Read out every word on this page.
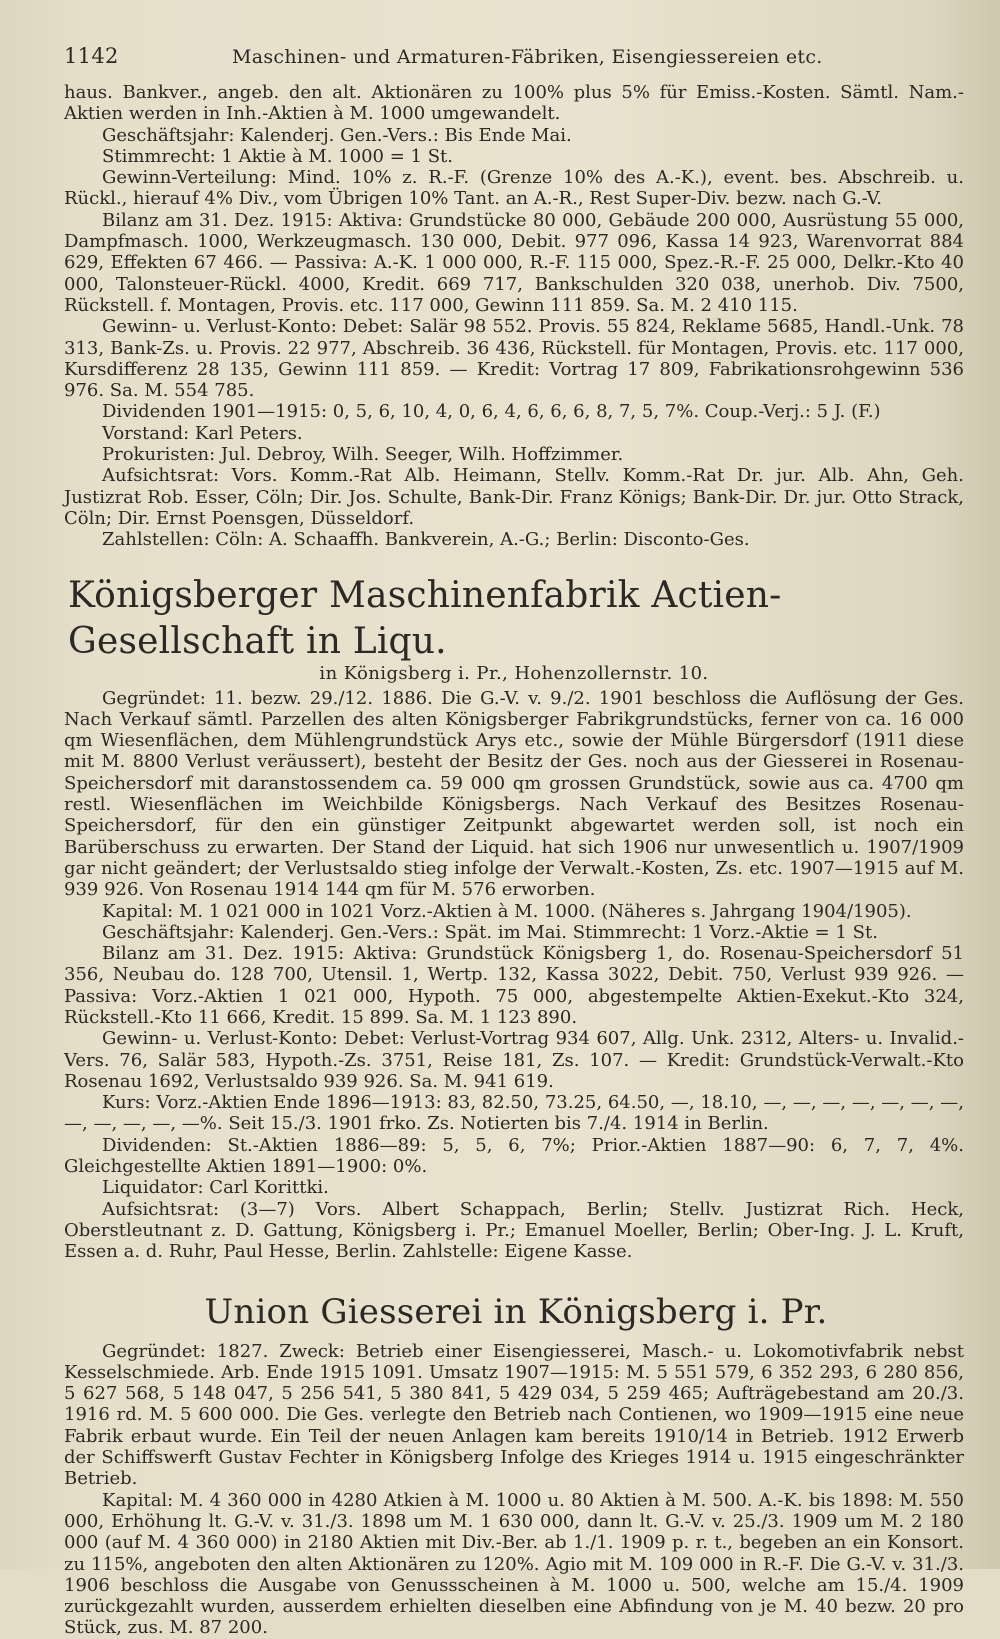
1142	Maschinen- und Armaturen-Fäbriken, Eisengiessereien etc.

haus. Bankver., angeb. den alt. Aktionären zu 100% plus 5% für Emiss.-Kosten. Sämtl. Nam.-Aktien werden in Inh.-Aktien à M. 1000 umgewandelt.

Geschäftsjahr: Kalenderj. Gen.-Vers.: Bis Ende Mai.

Stimmrecht: 1 Aktie à M. 1000 = 1 St.

Gewinn-Verteilung: Mind. 10% z. R.-F. (Grenze 10% des A.-K.), event. bes. Abschreib. u. Rückl., hierauf 4% Div., vom Übrigen 10% Tant. an A.-R., Rest Super-Div. bezw. nach G.-V.

Bilanz am 31. Dez. 1915: Aktiva: Grundstücke 80 000, Gebäude 200 000, Ausrüstung 55 000, Dampfmasch. 1000, Werkzeugmasch. 130 000, Debit. 977 096, Kassa 14 923, Warenvorrat 884 629, Effekten 67 466. — Passiva: A.-K. 1 000 000, R.-F. 115 000, Spez.-R.-F. 25 000, Delkr.-Kto 40 000, Talonsteuer-Rückl. 4000, Kredit. 669 717, Bankschulden 320 038, unerhob. Div. 7500, Rückstell. f. Montagen, Provis. etc. 117 000, Gewinn 111 859. Sa. M. 2 410 115.

Gewinn- u. Verlust-Konto: Debet: Salär 98 552. Provis. 55 824, Reklame 5685, Handl.-Unk. 78 313, Bank-Zs. u. Provis. 22 977, Abschreib. 36 436, Rückstell. für Montagen, Provis. etc. 117 000, Kursdifferenz 28 135, Gewinn 111 859. — Kredit: Vortrag 17 809, Fabrikationsrohgewinn 536 976. Sa. M. 554 785.

Dividenden 1901—1915: 0, 5, 6, 10, 4, 0, 6, 4, 6, 6, 6, 8, 7, 5, 7%. Coup.-Verj.: 5 J. (F.)

Vorstand: Karl Peters.

Prokuristen: Jul. Debroy, Wilh. Seeger, Wilh. Hoffzimmer.

Aufsichtsrat: Vors. Komm.-Rat Alb. Heimann, Stellv. Komm.-Rat Dr. jur. Alb. Ahn, Geh. Justizrat Rob. Esser, Cöln; Dir. Jos. Schulte, Bank-Dir. Franz Königs; Bank-Dir. Dr. jur. Otto Strack, Cöln; Dir. Ernst Poensgen, Düsseldorf.

Zahlstellen: Cöln: A. Schaaffh. Bankverein, A.-G.; Berlin: Disconto-Ges.

Königsberger Maschinenfabrik Actien-Gesellschaft in Liqu.
in Königsberg i. Pr., Hohenzollernstr. 10.

Gegründet: 11. bezw. 29./12. 1886. Die G.-V. v. 9./2. 1901 beschloss die Auflösung der Ges. Nach Verkauf sämtl. Parzellen des alten Königsberger Fabrikgrundstücks, ferner von ca. 16 000 qm Wiesenflächen, dem Mühlengrundstück Arys etc., sowie der Mühle Bürgersdorf (1911 diese mit M. 8800 Verlust veräussert), besteht der Besitz der Ges. noch aus der Giesserei in Rosenau-Speichersdorf mit daranstossendem ca. 59 000 qm grossen Grundstück, sowie aus ca. 4700 qm restl. Wiesenflächen im Weichbilde Königsbergs. Nach Verkauf des Besitzes Rosenau-Speichersdorf, für den ein günstiger Zeitpunkt abgewartet werden soll, ist noch ein Barüberschuss zu erwarten. Der Stand der Liquid. hat sich 1906 nur unwesentlich u. 1907/1909 gar nicht geändert; der Verlustsaldo stieg infolge der Verwalt.-Kosten, Zs. etc. 1907—1915 auf M. 939 926. Von Rosenau 1914 144 qm für M. 576 erworben.

Kapital: M. 1 021 000 in 1021 Vorz.-Aktien à M. 1000. (Näheres s. Jahrgang 1904/1905).

Geschäftsjahr: Kalenderj. Gen.-Vers.: Spät. im Mai. Stimmrecht: 1 Vorz.-Aktie = 1 St.

Bilanz am 31. Dez. 1915: Aktiva: Grundstück Königsberg 1, do. Rosenau-Speichersdorf 51 356, Neubau do. 128 700, Utensil. 1, Wertp. 132, Kassa 3022, Debit. 750, Verlust 939 926. — Passiva: Vorz.-Aktien 1 021 000, Hypoth. 75 000, abgestempelte Aktien-Exekut.-Kto 324, Rückstell.-Kto 11 666, Kredit. 15 899. Sa. M. 1 123 890.

Gewinn- u. Verlust-Konto: Debet: Verlust-Vortrag 934 607, Allg. Unk. 2312, Alters- u. Invalid.-Vers. 76, Salär 583, Hypoth.-Zs. 3751, Reise 181, Zs. 107. — Kredit: Grundstück-Verwalt.-Kto Rosenau 1692, Verlustsaldo 939 926. Sa. M. 941 619.

Kurs: Vorz.-Aktien Ende 1896—1913: 83, 82.50, 73.25, 64.50, —, 18.10, —, —, —, —, —, —, —, —, —, —, —, —%. Seit 15./3. 1901 frko. Zs. Notierten bis 7./4. 1914 in Berlin.

Dividenden: St.-Aktien 1886—89: 5, 5, 6, 7%; Prior.-Aktien 1887—90: 6, 7, 7, 4%. Gleichgestellte Aktien 1891—1900: 0%.

Liquidator: Carl Korittki.

Aufsichtsrat: (3—7) Vors. Albert Schappach, Berlin; Stellv. Justizrat Rich. Heck, Oberstleutnant z. D. Gattung, Königsberg i. Pr.; Emanuel Moeller, Berlin; Ober-Ing. J. L. Kruft, Essen a. d. Ruhr, Paul Hesse, Berlin. Zahlstelle: Eigene Kasse.

Union Giesserei in Königsberg i. Pr.

Gegründet: 1827. Zweck: Betrieb einer Eisengiesserei, Masch.- u. Lokomotivfabrik nebst Kesselschmiede. Arb. Ende 1915 1091. Umsatz 1907—1915: M. 5 551 579, 6 352 293, 6 280 856, 5 627 568, 5 148 047, 5 256 541, 5 380 841, 5 429 034, 5 259 465; Aufträgebestand am 20./3. 1916 rd. M. 5 600 000. Die Ges. verlegte den Betrieb nach Contienen, wo 1909—1915 eine neue Fabrik erbaut wurde. Ein Teil der neuen Anlagen kam bereits 1910/14 in Betrieb. 1912 Erwerb der Schiffswerft Gustav Fechter in Königsberg Infolge des Krieges 1914 u. 1915 eingeschränkter Betrieb.

Kapital: M. 4 360 000 in 4280 Atkien à M. 1000 u. 80 Aktien à M. 500. A.-K. bis 1898: M. 550 000, Erhöhung lt. G.-V. v. 31./3. 1898 um M. 1 630 000, dann lt. G.-V. v. 25./3. 1909 um M. 2 180 000 (auf M. 4 360 000) in 2180 Aktien mit Div.-Ber. ab 1./1. 1909 p. r. t., begeben an ein Konsort. zu 115%, angeboten den alten Aktionären zu 120%. Agio mit M. 109 000 in R.-F. Die G.-V. v. 31./3. 1906 beschloss die Ausgabe von Genussscheinen à M. 1000 u. 500, welche am 15./4. 1909 zurückgezahlt wurden, ausserdem erhielten dieselben eine Abfindung von je M. 40 bezw. 20 pro Stück, zus. M. 87 200.
